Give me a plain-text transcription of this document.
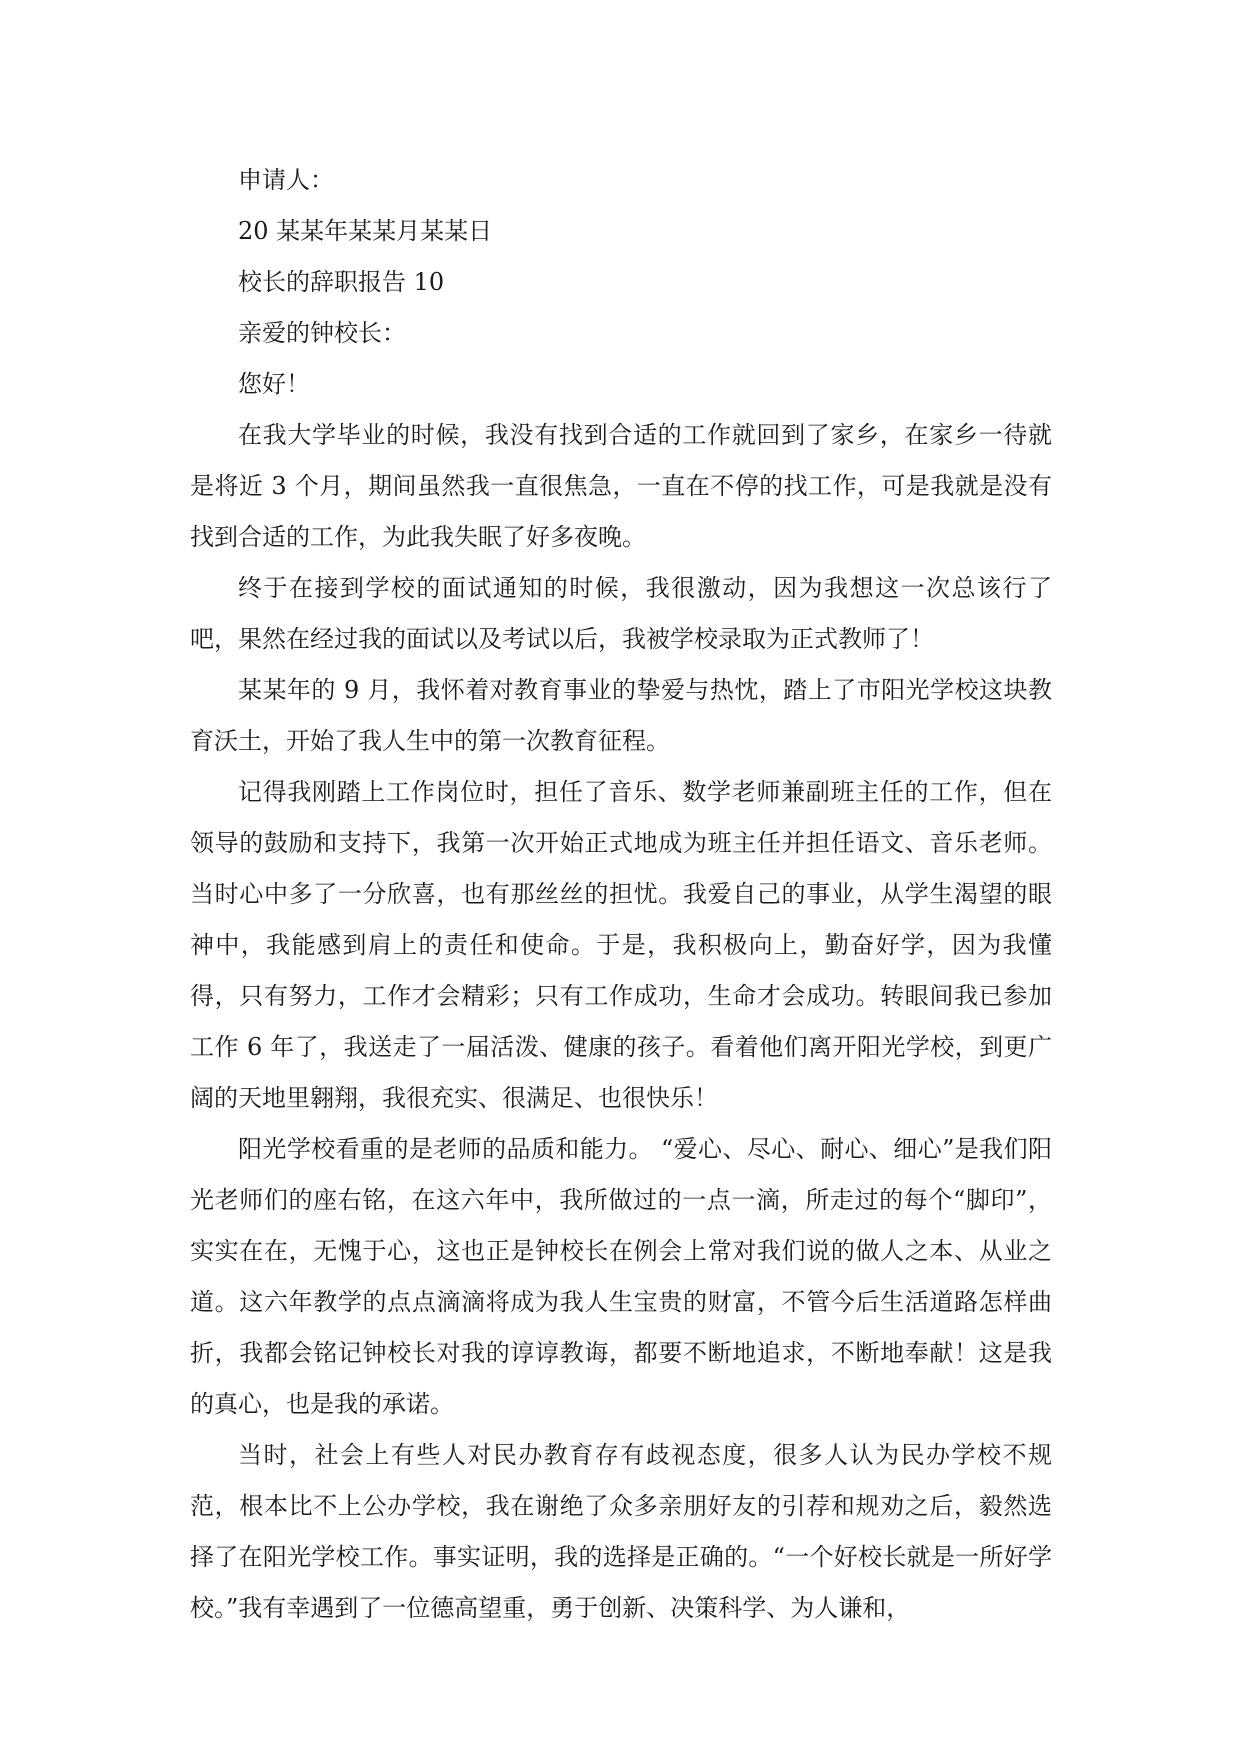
申请人：

20 某某年某某月某某日

校长的辞职报告 10

亲爱的钟校长：

您好！

在我大学毕业的时候，我没有找到合适的工作就回到了家乡，在家乡一待就是将近 3 个月，期间虽然我一直很焦急，一直在不停的找工作，可是我就是没有找到合适的工作，为此我失眠了好多夜晚。

终于在接到学校的面试通知的时候，我很激动，因为我想这一次总该行了吧，果然在经过我的面试以及考试以后，我被学校录取为正式教师了！

某某年的 9 月，我怀着对教育事业的挚爱与热忱，踏上了市阳光学校这块教育沃土，开始了我人生中的第一次教育征程。

记得我刚踏上工作岗位时，担任了音乐、数学老师兼副班主任的工作，但在领导的鼓励和支持下，我第一次开始正式地成为班主任并担任语文、音乐老师。当时心中多了一分欣喜，也有那丝丝的担忧。我爱自己的事业，从学生渴望的眼神中，我能感到肩上的责任和使命。于是，我积极向上，勤奋好学，因为我懂得，只有努力，工作才会精彩；只有工作成功，生命才会成功。转眼间我已参加工作 6 年了，我送走了一届活泼、健康的孩子。看着他们离开阳光学校，到更广阔的天地里翱翔，我很充实、很满足、也很快乐！

阳光学校看重的是老师的品质和能力。 “爱心、尽心、耐心、细心”是我们阳光老师们的座右铭，在这六年中，我所做过的一点一滴，所走过的每个“脚印”，实实在在，无愧于心，这也正是钟校长在例会上常对我们说的做人之本、从业之道。这六年教学的点点滴滴将成为我人生宝贵的财富，不管今后生活道路怎样曲折，我都会铭记钟校长对我的谆谆教诲，都要不断地追求，不断地奉献！这是我的真心，也是我的承诺。

当时，社会上有些人对民办教育存有歧视态度，很多人认为民办学校不规范，根本比不上公办学校，我在谢绝了众多亲朋好友的引荐和规劝之后，毅然选择了在阳光学校工作。事实证明，我的选择是正确的。“一个好校长就是一所好学校。”我有幸遇到了一位德高望重，勇于创新、决策科学、为人谦和，
